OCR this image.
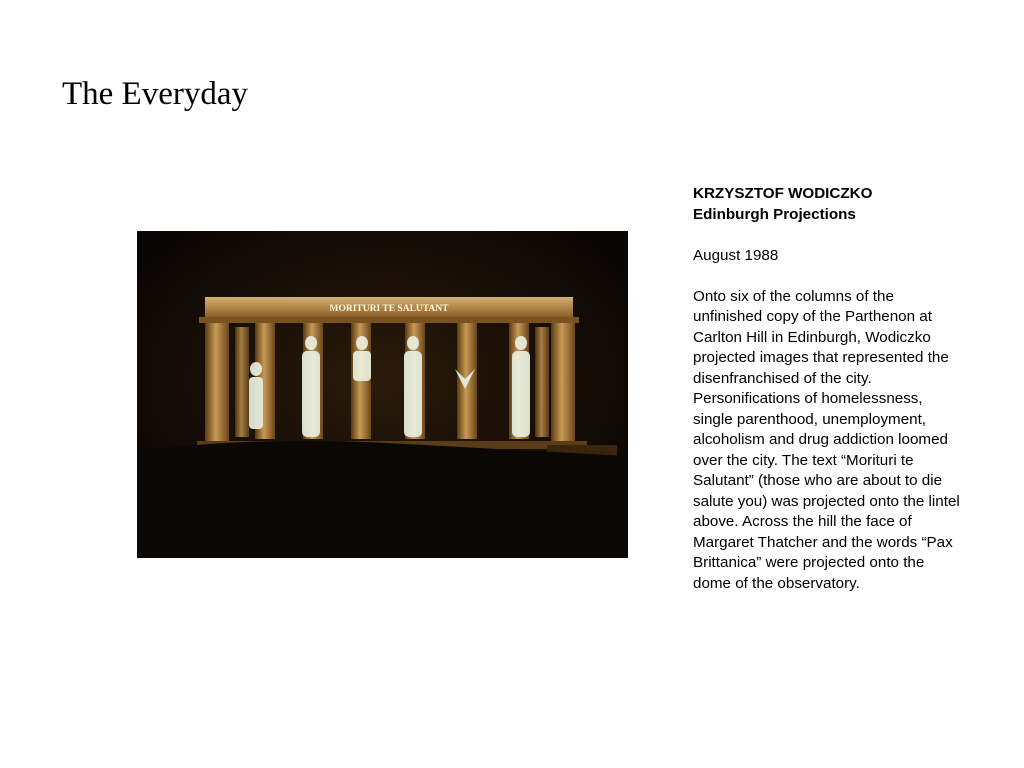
The Everyday
MORITURI TE SALUTANT
KRZYSZTOF WODICZKO
Edinburgh Projections
August 1988
Onto six of the columns of the unfinished copy of the Parthenon at Carlton Hill in Edinburgh, Wodiczko projected images that represented the disenfranchised of the city. Personifications of homelessness, single parenthood, unemployment, alcoholism and drug addiction loomed over the city. The text “Morituri te Salutant” (those who are about to die salute you) was projected onto the lintel above. Across the hill the face of Margaret Thatcher and the words “Pax Brittanica” were projected onto the dome of the observatory.
